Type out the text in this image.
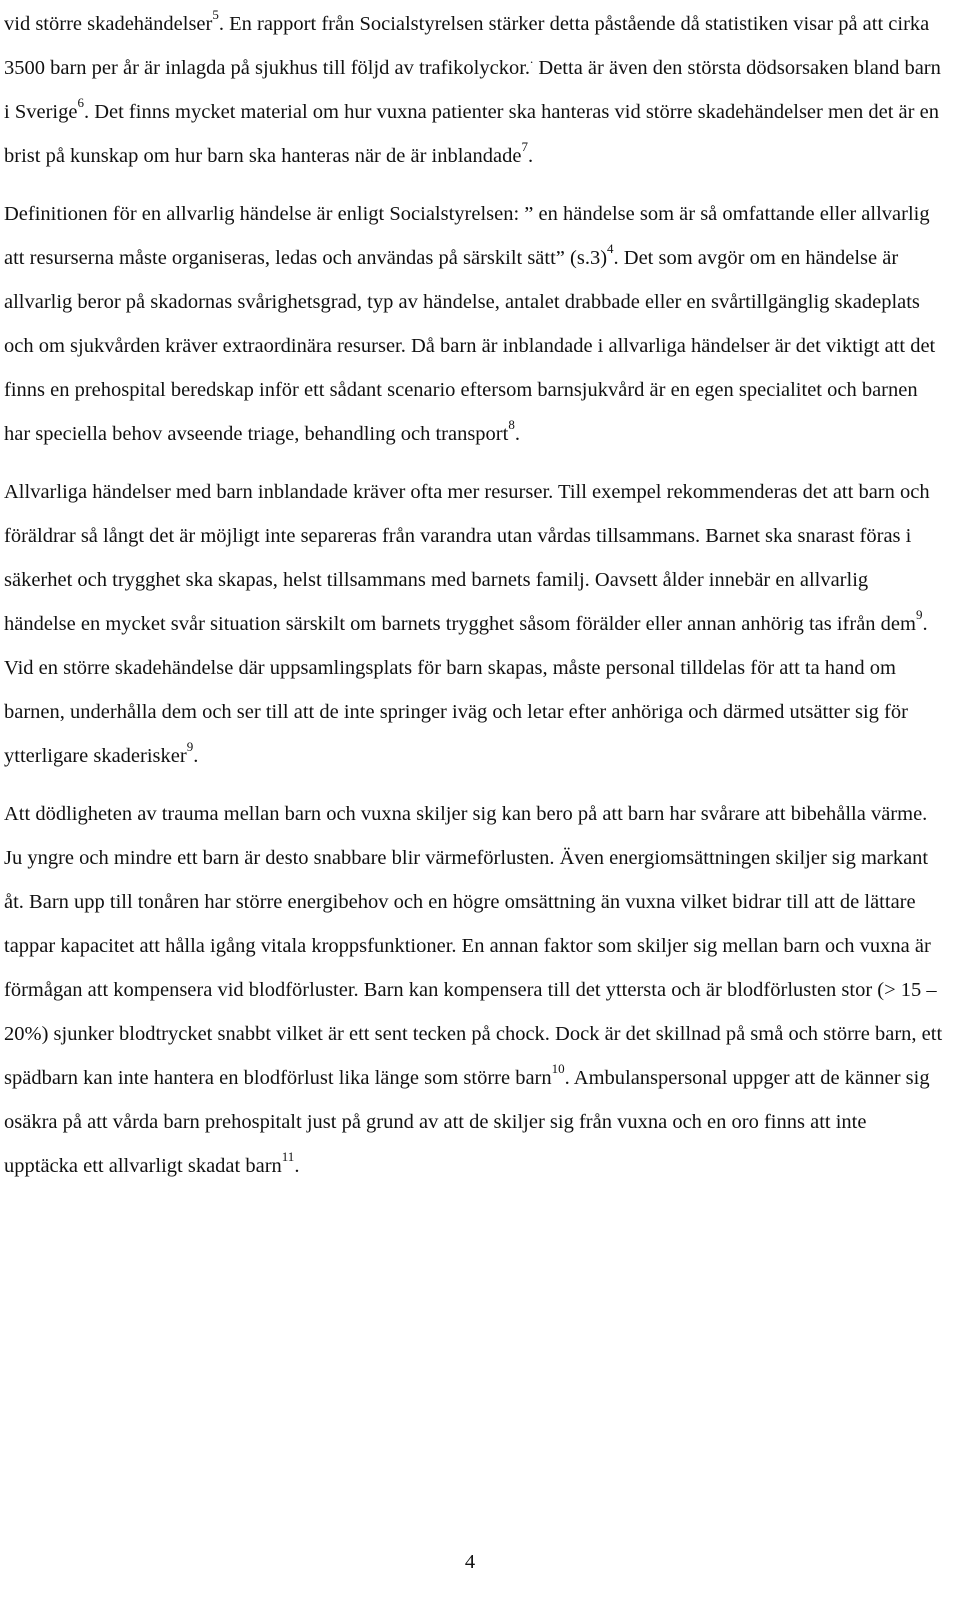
vid större skadehändelser$^5$. En rapport från Socialstyrelsen stärker detta påstående då statistiken visar på att cirka 3500 barn per år är inlagda på sjukhus till följd av trafikolyckor.. Detta är även den största dödsorsaken bland barn i Sverige$^6$. Det finns mycket material om hur vuxna patienter ska hanteras vid större skadehändelser men det är en brist på kunskap om hur barn ska hanteras när de är inblandade$^7$.

Definitionen för en allvarlig händelse är enligt Socialstyrelsen: ” en händelse som är så omfattande eller allvarlig att resurserna måste organiseras, ledas och användas på särskilt sätt” $(s.3)^4$. Det som avgör om en händelse är allvarlig beror på skadornas svårighetsgrad, typ av händelse, antalet drabbade eller en svårtillgänglig skadeplats och om sjukvården kräver extraordinära resurser. Då barn är inblandade i allvarliga händelser är det viktigt att det finns en prehospital beredskap inför ett sådant scenario eftersom barnsjukvård är en egen specialitet och barnen har speciella behov avseende triage, behandling och transport$^8$.

Allvarliga händelser med barn inblandade kräver ofta mer resurser. Till exempel rekommenderas det att barn och föräldrar så långt det är möjligt inte separeras från varandra utan vårdas tillsammans. Barnet ska snarast föras i säkerhet och trygghet ska skapas, helst tillsammans med barnets familj. Oavsett ålder innebär en allvarlig händelse en mycket svår situation särskilt om barnets trygghet såsom förälder eller annan anhörig tas ifrån dem$^9$. Vid en större skadehändelse där uppsamlingsplats för barn skapas, måste personal tilldelas för att ta hand om barnen, underhålla dem och ser till att de inte springer iväg och letar efter anhöriga och därmed utsätter sig för ytterligare skaderisker$^9$.

Att dödligheten av trauma mellan barn och vuxna skiljer sig kan bero på att barn har svårare att bibehålla värme. Ju yngre och mindre ett barn är desto snabbare blir värmeförlusten. Även energiomsättningen skiljer sig markant åt. Barn upp till tonåren har större energibehov och en högre omsättning än vuxna vilket bidrar till att de lättare tappar kapacitet att hålla igång vitala kroppsfunktioner. En annan faktor som skiljer sig mellan barn och vuxna är förmågan att kompensera vid blodförluster. Barn kan kompensera till det yttersta och är blodförlusten stor (> 15 – 20%) sjunker blodtrycket snabbt vilket är ett sent tecken på chock. Dock är det skillnad på små och större barn, ett spädbarn kan inte hantera en blodförlust lika länge som större barn$^{10}$. Ambulanspersonal uppger att de känner sig osäkra på att vårda barn prehospitalt just på grund av att de skiljer sig från vuxna och en oro finns att inte upptäcka ett allvarligt skadat barn$^{11}$.

4
